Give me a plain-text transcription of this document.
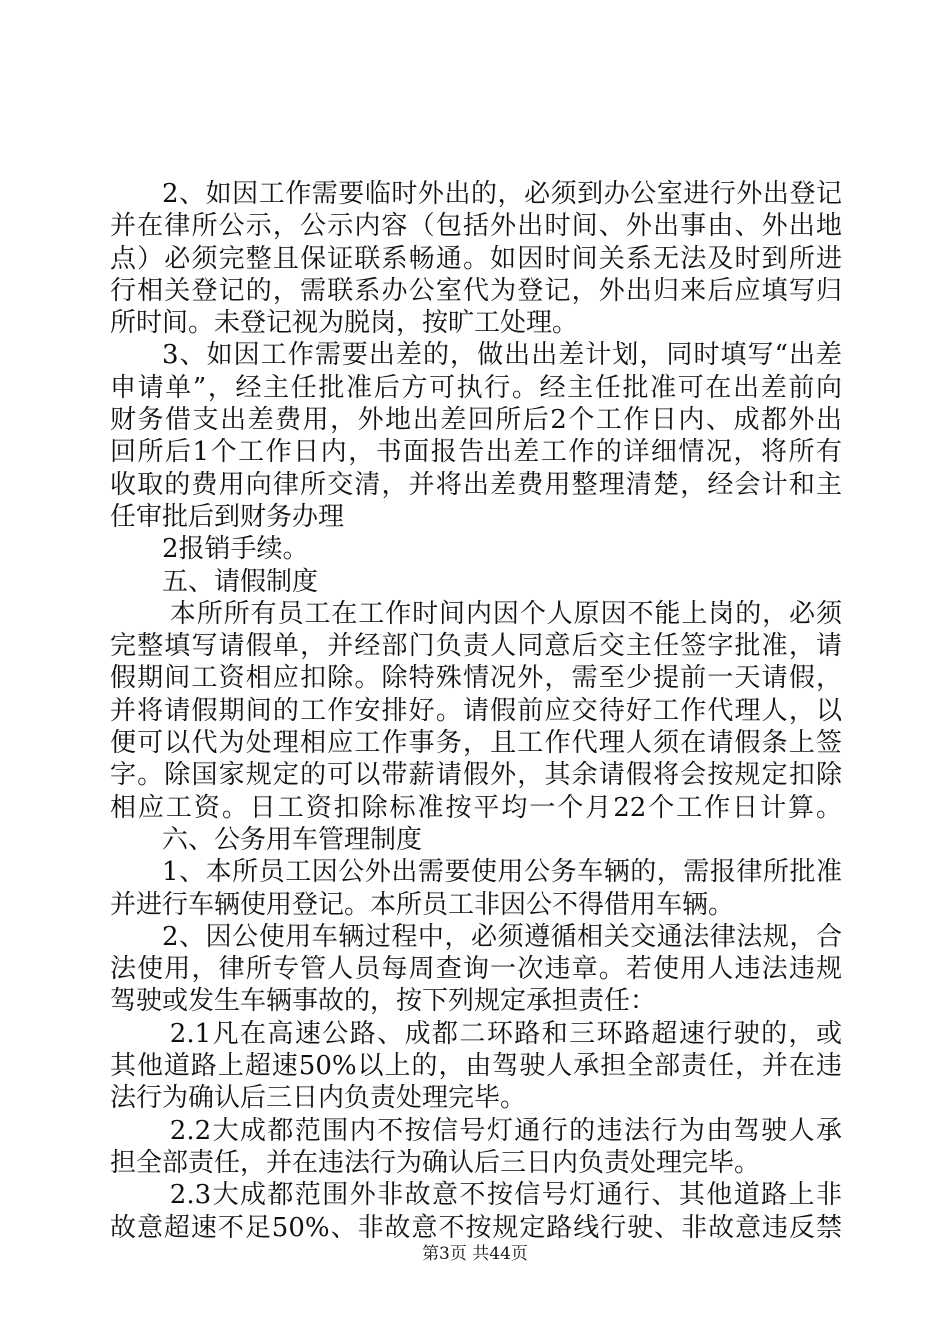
2、如因工作需要临时外出的，必须到办公室进行外出登记
并在律所公示，公示内容（包括外出时间、外出事由、外出地
点）必须完整且保证联系畅通。如因时间关系无法及时到所进
行相关登记的，需联系办公室代为登记，外出归来后应填写归
所时间。未登记视为脱岗，按旷工处理。
3、如因工作需要出差的，做出出差计划，同时填写“出差
申请单”，经主任批准后方可执行。经主任批准可在出差前向
财务借支出差费用，外地出差回所后2个工作日内、成都外出
回所后1个工作日内，书面报告出差工作的详细情况，将所有
收取的费用向律所交清，并将出差费用整理清楚，经会计和主
任审批后到财务办理
2报销手续。
五、请假制度
本所所有员工在工作时间内因个人原因不能上岗的，必须
完整填写请假单，并经部门负责人同意后交主任签字批准，请
假期间工资相应扣除。除特殊情况外，需至少提前一天请假，
并将请假期间的工作安排好。请假前应交待好工作代理人，以
便可以代为处理相应工作事务，且工作代理人须在请假条上签
字。除国家规定的可以带薪请假外，其余请假将会按规定扣除
相应工资。日工资扣除标准按平均一个月22个工作日计算。
六、公务用车管理制度
1、本所员工因公外出需要使用公务车辆的，需报律所批准
并进行车辆使用登记。本所员工非因公不得借用车辆。
2、因公使用车辆过程中，必须遵循相关交通法律法规，合
法使用，律所专管人员每周查询一次违章。若使用人违法违规
驾驶或发生车辆事故的，按下列规定承担责任：
2.1凡在高速公路、成都二环路和三环路超速行驶的，或
其他道路上超速50%以上的，由驾驶人承担全部责任，并在违
法行为确认后三日内负责处理完毕。
2.2大成都范围内不按信号灯通行的违法行为由驾驶人承
担全部责任，并在违法行为确认后三日内负责处理完毕。
2.3大成都范围外非故意不按信号灯通行、其他道路上非
故意超速不足50%、非故意不按规定路线行驶、非故意违反禁
第3页 共44页
